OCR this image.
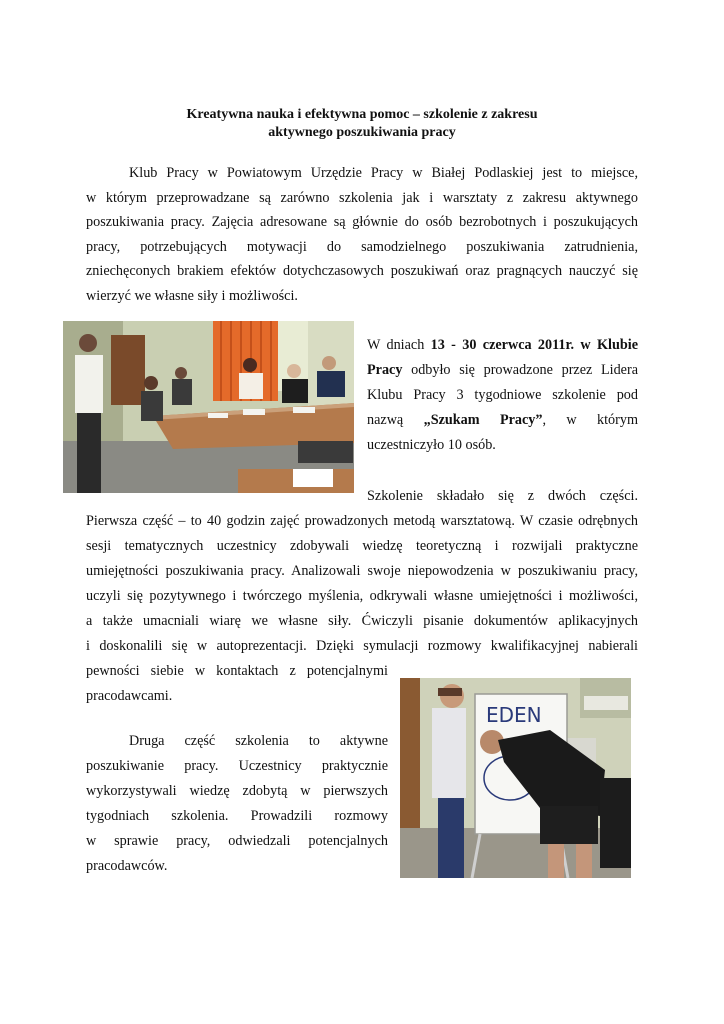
Kreatywna nauka i efektywna pomoc – szkolenie z zakresu
aktywnego poszukiwania pracy
Klub Pracy w Powiatowym Urzędzie Pracy w Białej Podlaskiej jest to miejsce,
w którym przeprowadzane są zarówno szkolenia jak i warsztaty z zakresu aktywnego
poszukiwania pracy. Zajęcia adresowane są głównie do osób bezrobotnych i poszukujących
pracy, potrzebujących motywacji do samodzielnego poszukiwania zatrudnienia,
zniechęconych brakiem efektów dotychczasowych poszukiwań oraz pragnących nauczyć się
wierzyć we własne siły i możliwości.
W dniach 13 - 30 czerwca 2011r. w Klubie
Pracy odbyło się prowadzone przez Lidera
Klubu Pracy 3 tygodniowe szkolenie pod
nazwą „Szukam Pracy”, w którym
uczestniczyło 10 osób.
Szkolenie składało się z dwóch części.
Pierwsza część – to 40 godzin zajęć prowadzonych metodą warsztatową. W czasie odrębnych
sesji tematycznych uczestnicy zdobywali wiedzę teoretyczną i rozwijali praktyczne
umiejętności poszukiwania pracy. Analizowali swoje niepowodzenia w poszukiwaniu pracy,
uczyli się pozytywnego i twórczego myślenia, odkrywali własne umiejętności i możliwości,
a także umacniali wiarę we własne siły. Ćwiczyli pisanie dokumentów aplikacyjnych
i doskonalili się w autoprezentacji. Dzięki symulacji rozmowy kwalifikacyjnej nabierali
pewności siebie w kontaktach z potencjalnymi
pracodawcami.
EDEN
Druga część szkolenia to aktywne
poszukiwanie pracy. Uczestnicy praktycznie
wykorzystywali wiedzę zdobytą w pierwszych
tygodniach szkolenia. Prowadzili rozmowy
w sprawie pracy, odwiedzali potencjalnych
pracodawców.
